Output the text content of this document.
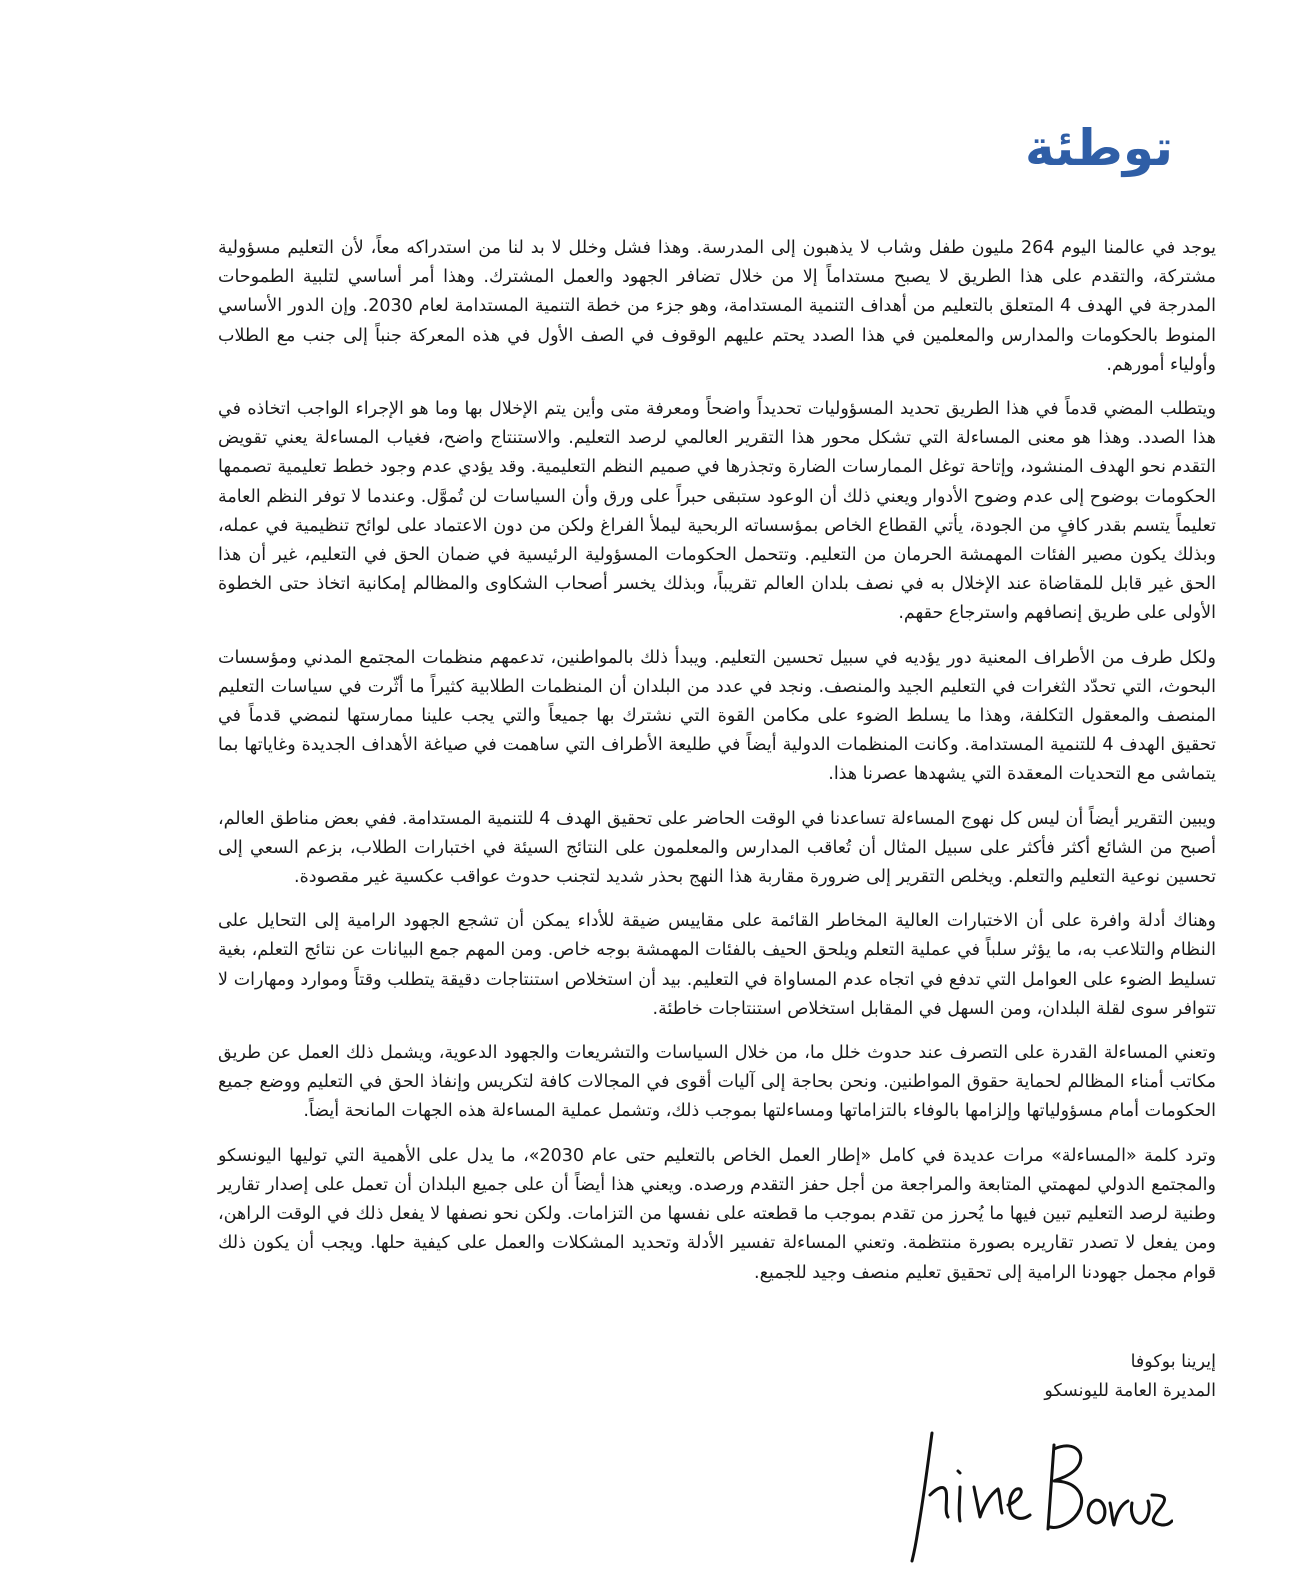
توطئة

يوجد في عالمنا اليوم 264 مليون طفل وشاب لا يذهبون إلى المدرسة. وهذا فشل وخلل لا بد لنا من استدراكه معاً، لأن التعليم مسؤولية مشتركة، والتقدم على هذا الطريق لا يصبح مستداماً إلا من خلال تضافر الجهود والعمل المشترك. وهذا أمر أساسي لتلبية الطموحات المدرجة في الهدف 4 المتعلق بالتعليم من أهداف التنمية المستدامة، وهو جزء من خطة التنمية المستدامة لعام 2030. وإن الدور الأساسي المنوط بالحكومات والمدارس والمعلمين في هذا الصدد يحتم عليهم الوقوف في الصف الأول في هذه المعركة جنباً إلى جنب مع الطلاب وأولياء أمورهم.

ويتطلب المضي قدماً في هذا الطريق تحديد المسؤوليات تحديداً واضحاً ومعرفة متى وأين يتم الإخلال بها وما هو الإجراء الواجب اتخاذه في هذا الصدد. وهذا هو معنى المساءلة التي تشكل محور هذا التقرير العالمي لرصد التعليم. والاستنتاج واضح، فغياب المساءلة يعني تقويض التقدم نحو الهدف المنشود، وإتاحة توغل الممارسات الضارة وتجذرها في صميم النظم التعليمية. وقد يؤدي عدم وجود خطط تعليمية تصممها الحكومات بوضوح إلى عدم وضوح الأدوار ويعني ذلك أن الوعود ستبقى حبراً على ورق وأن السياسات لن تُموَّل. وعندما لا توفر النظم العامة تعليماً يتسم بقدر كافٍ من الجودة، يأتي القطاع الخاص بمؤسساته الربحية ليملأ الفراغ ولكن من دون الاعتماد على لوائح تنظيمية في عمله، وبذلك يكون مصير الفئات المهمشة الحرمان من التعليم. وتتحمل الحكومات المسؤولية الرئيسية في ضمان الحق في التعليم، غير أن هذا الحق غير قابل للمقاضاة عند الإخلال به في نصف بلدان العالم تقريباً، وبذلك يخسر أصحاب الشكاوى والمظالم إمكانية اتخاذ حتى الخطوة الأولى على طريق إنصافهم واسترجاع حقهم.

ولكل طرف من الأطراف المعنية دور يؤديه في سبيل تحسين التعليم. ويبدأ ذلك بالمواطنين، تدعمهم منظمات المجتمع المدني ومؤسسات البحوث، التي تحدّد الثغرات في التعليم الجيد والمنصف. ونجد في عدد من البلدان أن المنظمات الطلابية كثيراً ما أثّرت في سياسات التعليم المنصف والمعقول التكلفة، وهذا ما يسلط الضوء على مكامن القوة التي نشترك بها جميعاً والتي يجب علينا ممارستها لنمضي قدماً في تحقيق الهدف 4 للتنمية المستدامة. وكانت المنظمات الدولية أيضاً في طليعة الأطراف التي ساهمت في صياغة الأهداف الجديدة وغاياتها بما يتماشى مع التحديات المعقدة التي يشهدها عصرنا هذا.

ويبين التقرير أيضاً أن ليس كل نهوج المساءلة تساعدنا في الوقت الحاضر على تحقيق الهدف 4 للتنمية المستدامة. ففي بعض مناطق العالم، أصبح من الشائع أكثر فأكثر على سبيل المثال أن تُعاقب المدارس والمعلمون على النتائج السيئة في اختبارات الطلاب، بزعم السعي إلى تحسين نوعية التعليم والتعلم. ويخلص التقرير إلى ضرورة مقاربة هذا النهج بحذر شديد لتجنب حدوث عواقب عكسية غير مقصودة.

وهناك أدلة وافرة على أن الاختبارات العالية المخاطر القائمة على مقاييس ضيقة للأداء يمكن أن تشجع الجهود الرامية إلى التحايل على النظام والتلاعب به، ما يؤثر سلباً في عملية التعلم ويلحق الحيف بالفئات المهمشة بوجه خاص. ومن المهم جمع البيانات عن نتائج التعلم، بغية تسليط الضوء على العوامل التي تدفع في اتجاه عدم المساواة في التعليم. بيد أن استخلاص استنتاجات دقيقة يتطلب وقتاً وموارد ومهارات لا تتوافر سوى لقلة البلدان، ومن السهل في المقابل استخلاص استنتاجات خاطئة.

وتعني المساءلة القدرة على التصرف عند حدوث خلل ما، من خلال السياسات والتشريعات والجهود الدعوية، ويشمل ذلك العمل عن طريق مكاتب أمناء المظالم لحماية حقوق المواطنين. ونحن بحاجة إلى آليات أقوى في المجالات كافة لتكريس وإنفاذ الحق في التعليم ووضع جميع الحكومات أمام مسؤولياتها وإلزامها بالوفاء بالتزاماتها ومساءلتها بموجب ذلك، وتشمل عملية المساءلة هذه الجهات المانحة أيضاً.

وترد كلمة «المساءلة» مرات عديدة في كامل «إطار العمل الخاص بالتعليم حتى عام 2030»، ما يدل على الأهمية التي توليها اليونسكو والمجتمع الدولي لمهمتي المتابعة والمراجعة من أجل حفز التقدم ورصده. ويعني هذا أيضاً أن على جميع البلدان أن تعمل على إصدار تقارير وطنية لرصد التعليم تبين فيها ما يُحرز من تقدم بموجب ما قطعته على نفسها من التزامات. ولكن نحو نصفها لا يفعل ذلك في الوقت الراهن، ومن يفعل لا تصدر تقاريره بصورة منتظمة. وتعني المساءلة تفسير الأدلة وتحديد المشكلات والعمل على كيفية حلها. ويجب أن يكون ذلك قوام مجمل جهودنا الرامية إلى تحقيق تعليم منصف وجيد للجميع.

إيرينا بوكوفا
المديرة العامة لليونسكو
